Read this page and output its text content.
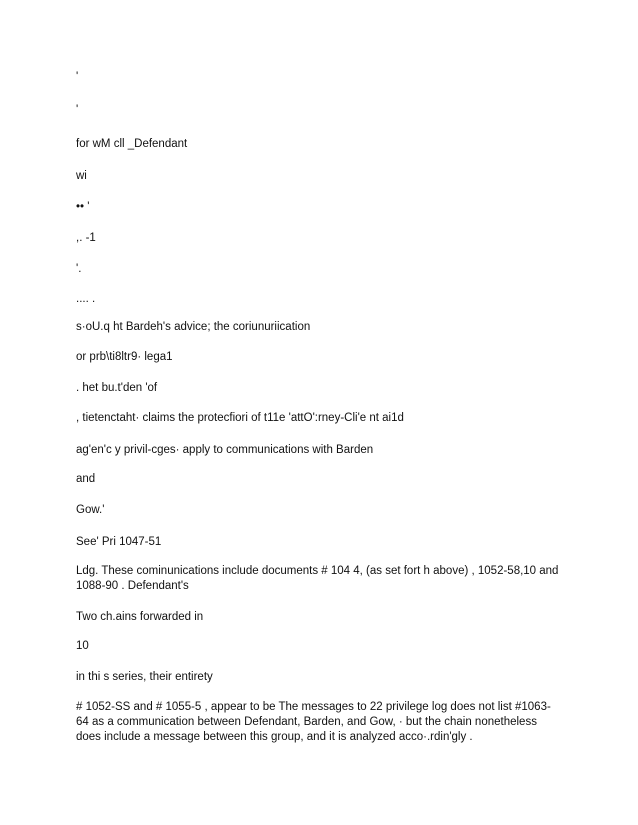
'
'
for wM cll _Defendant
wi
•• '
,. -1
'.
.... .
s·oU.q ht Bardeh's advice; the coriunuriication
or prb\ti8ltr9· lega1
. het bu.t'den 'of
, tietenctaht· claims the protecfiori of t11e 'attO':rney-Cli'e nt ai1d
ag'en'c y privil-cges· apply to communications with Barden
and
Gow.'
See' Pri 1047-51
Ldg. These cominunications include documents # 104 4, (as set fort h above) , 1052-58,10 and 1088-90 . Defendant's
Two ch.ains forwarded in
10
in thi s series, their entirety
# 1052-SS and # 1055-5 , appear to be The messages to 22 privilege log does not list #1063-64 as a communication between Defendant, Barden, and Gow, · but the chain nonetheless does include a message between this group, and it is analyzed acco·.rdin'gly .
